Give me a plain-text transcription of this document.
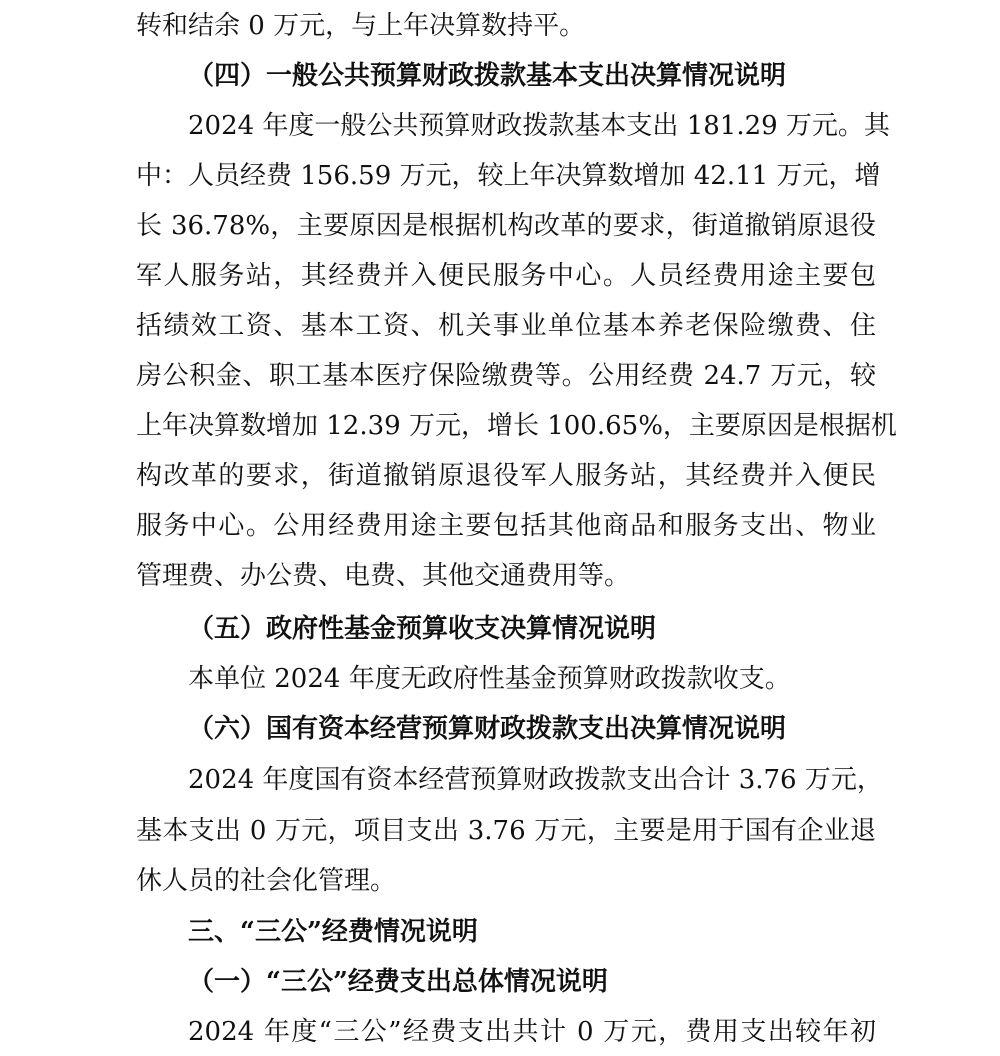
转和结余 0 万元，与上年决算数持平。
（四）一般公共预算财政拨款基本支出决算情况说明
2024 年度一般公共预算财政拨款基本支出 181.29 万元。其
中：人员经费 156.59 万元，较上年决算数增加 42.11 万元，增
长 36.78%，主要原因是根据机构改革的要求，街道撤销原退役
军人服务站，其经费并入便民服务中心。人员经费用途主要包
括绩效工资、基本工资、机关事业单位基本养老保险缴费、住
房公积金、职工基本医疗保险缴费等。公用经费 24.7 万元，较
上年决算数增加 12.39 万元，增长 100.65%，主要原因是根据机
构改革的要求，街道撤销原退役军人服务站，其经费并入便民
服务中心。公用经费用途主要包括其他商品和服务支出、物业
管理费、办公费、电费、其他交通费用等。
（五）政府性基金预算收支决算情况说明
本单位 2024 年度无政府性基金预算财政拨款收支。
（六）国有资本经营预算财政拨款支出决算情况说明
2024 年度国有资本经营预算财政拨款支出合计 3.76 万元，
基本支出 0 万元，项目支出 3.76 万元，主要是用于国有企业退
休人员的社会化管理。
三、“三公”经费情况说明
（一）“三公”经费支出总体情况说明
2024 年度“三公”经费支出共计 0 万元，费用支出较年初
